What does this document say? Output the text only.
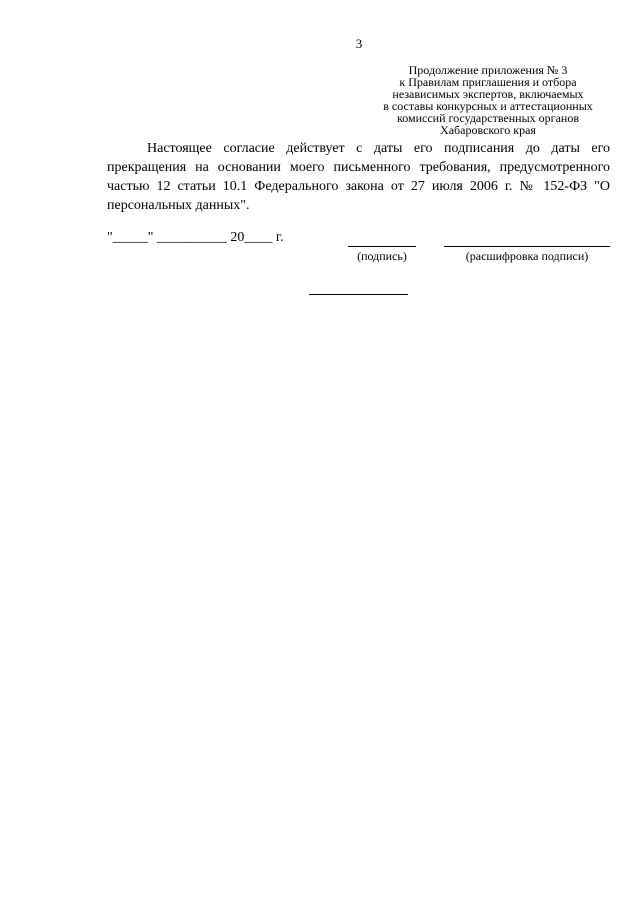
3
Продолжение приложения № 3
к Правилам приглашения и отбора
независимых экспертов, включаемых
в составы конкурсных и аттестационных
комиссий государственных органов
Хабаровского края

Настоящее согласие действует с даты его подписания до даты его прекращения на основании моего письменного требования, предусмотренного частью 12 статьи 10.1 Федерального закона от 27 июля 2006 г. № 152-ФЗ "О персональных данных".

"_____" __________ 20____ г.
(подпись)	(расшифровка подписи)
